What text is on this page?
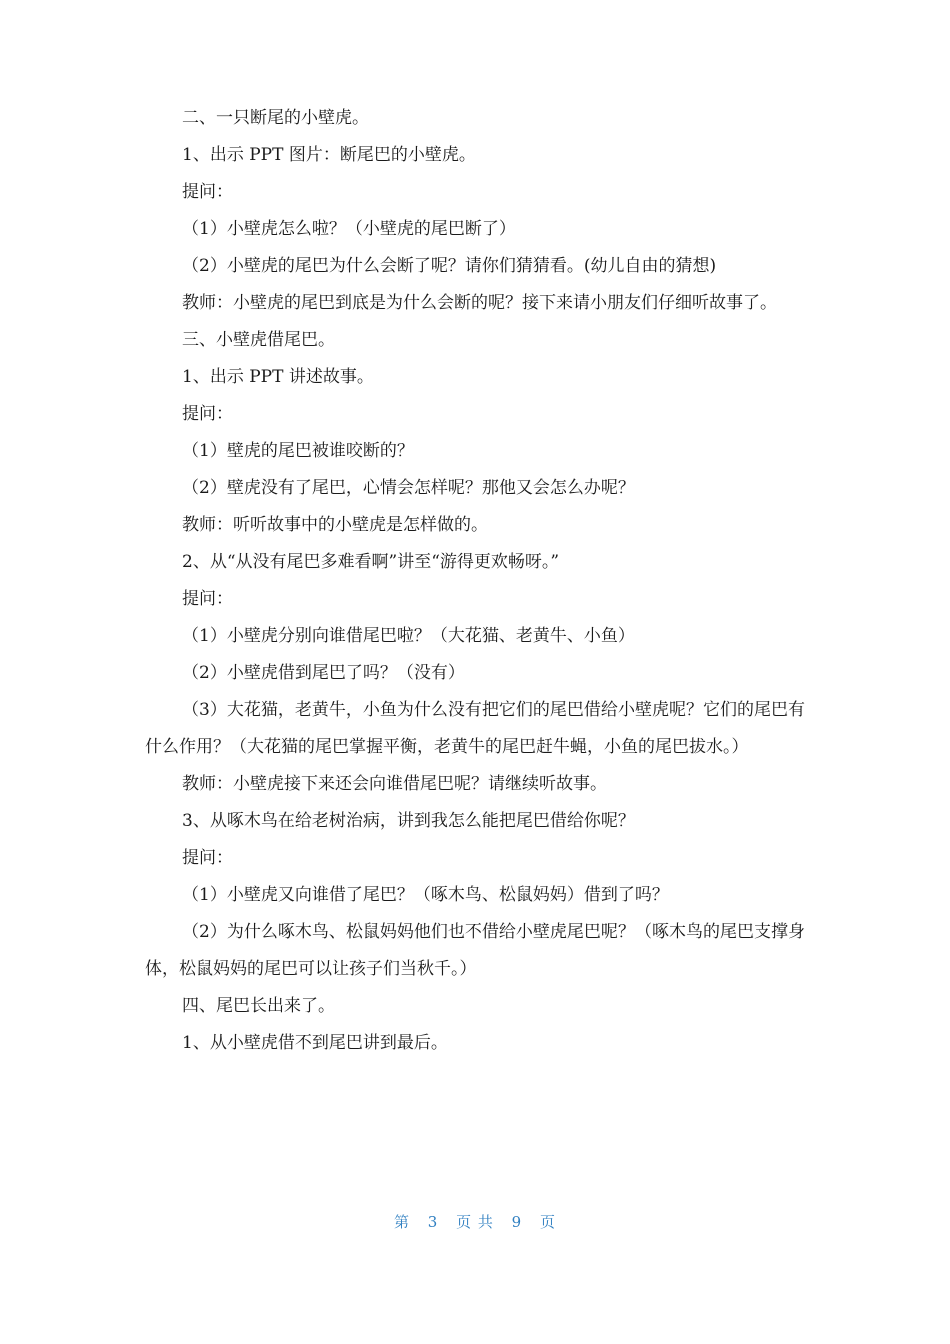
二、一只断尾的小壁虎。

1、出示 PPT 图片：断尾巴的小壁虎。

提问：

（1）小壁虎怎么啦？（小壁虎的尾巴断了）

（2）小壁虎的尾巴为什么会断了呢？请你们猜猜看。(幼儿自由的猜想)

教师：小壁虎的尾巴到底是为什么会断的呢？接下来请小朋友们仔细听故事了。

三、小壁虎借尾巴。

1、出示 PPT 讲述故事。

提问：

（1）壁虎的尾巴被谁咬断的？

（2）壁虎没有了尾巴，心情会怎样呢？那他又会怎么办呢？

教师：听听故事中的小壁虎是怎样做的。

2、从“从没有尾巴多难看啊”讲至“游得更欢畅呀。”

提问：

（1）小壁虎分别向谁借尾巴啦？（大花猫、老黄牛、小鱼）

（2）小壁虎借到尾巴了吗？（没有）

（3）大花猫，老黄牛，小鱼为什么没有把它们的尾巴借给小壁虎呢？它们的尾巴有什么作用？（大花猫的尾巴掌握平衡，老黄牛的尾巴赶牛蝇，小鱼的尾巴拔水。）

教师：小壁虎接下来还会向谁借尾巴呢？请继续听故事。

3、从啄木鸟在给老树治病，讲到我怎么能把尾巴借给你呢？

提问：

（1）小壁虎又向谁借了尾巴？（啄木鸟、松鼠妈妈）借到了吗？

（2）为什么啄木鸟、松鼠妈妈他们也不借给小壁虎尾巴呢？（啄木鸟的尾巴支撑身体，松鼠妈妈的尾巴可以让孩子们当秋千。）

四、尾巴长出来了。

1、从小壁虎借不到尾巴讲到最后。

第 3 页 共 9 页
